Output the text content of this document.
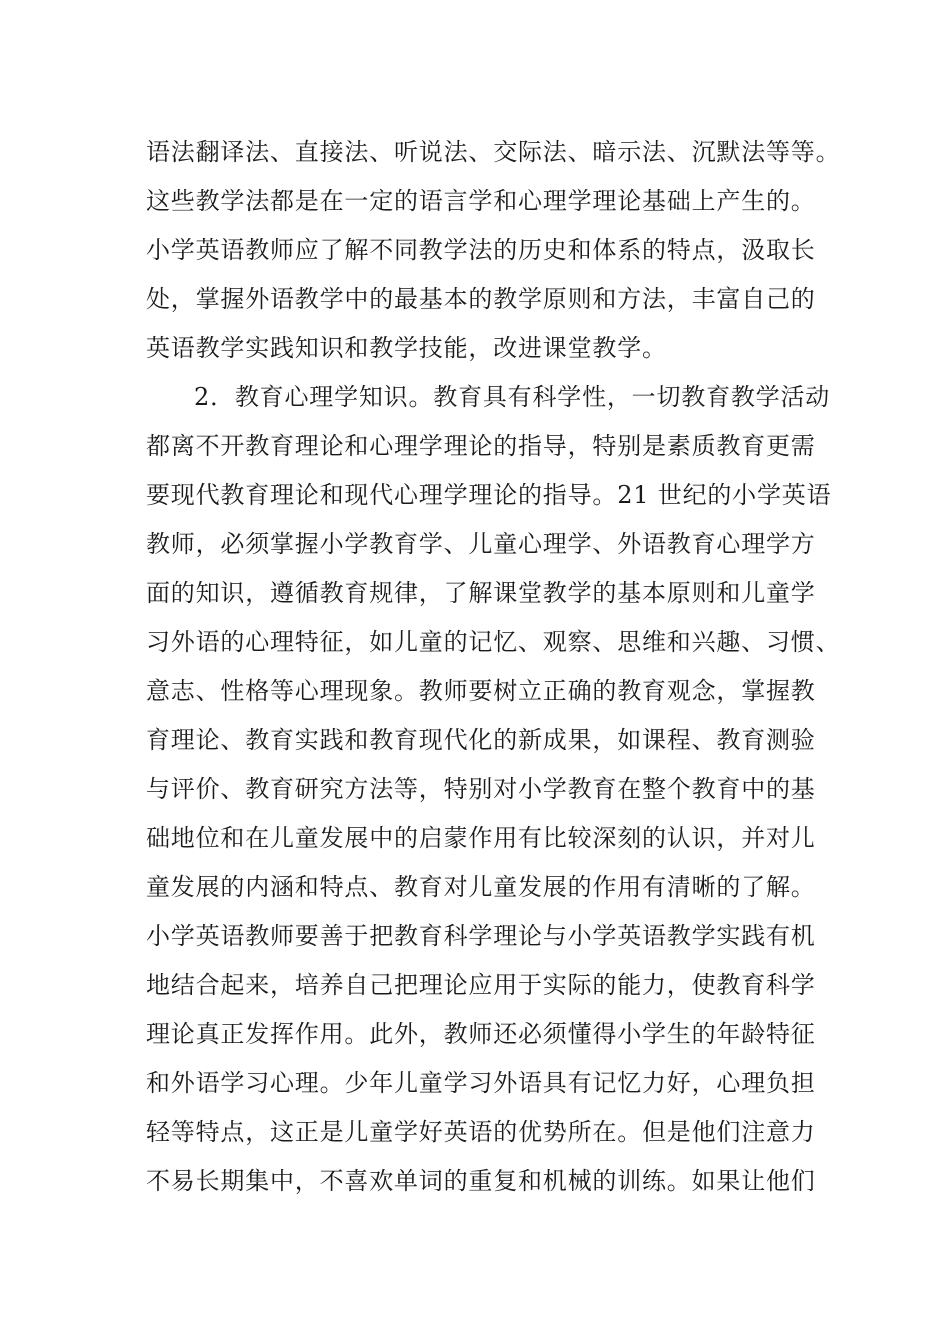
语法翻译法、直接法、听说法、交际法、暗示法、沉默法等等。
这些教学法都是在一定的语言学和心理学理论基础上产生的。
小学英语教师应了解不同教学法的历史和体系的特点，汲取长
处，掌握外语教学中的最基本的教学原则和方法，丰富自己的
英语教学实践知识和教学技能，改进课堂教学。
2．教育心理学知识。教育具有科学性，一切教育教学活动
都离不开教育理论和心理学理论的指导，特别是素质教育更需
要现代教育理论和现代心理学理论的指导。21 世纪的小学英语
教师，必须掌握小学教育学、儿童心理学、外语教育心理学方
面的知识，遵循教育规律，了解课堂教学的基本原则和儿童学
习外语的心理特征，如儿童的记忆、观察、思维和兴趣、习惯、
意志、性格等心理现象。教师要树立正确的教育观念，掌握教
育理论、教育实践和教育现代化的新成果，如课程、教育测验
与评价、教育研究方法等，特别对小学教育在整个教育中的基
础地位和在儿童发展中的启蒙作用有比较深刻的认识，并对儿
童发展的内涵和特点、教育对儿童发展的作用有清晰的了解。
小学英语教师要善于把教育科学理论与小学英语教学实践有机
地结合起来，培养自己把理论应用于实际的能力，使教育科学
理论真正发挥作用。此外，教师还必须懂得小学生的年龄特征
和外语学习心理。少年儿童学习外语具有记忆力好，心理负担
轻等特点，这正是儿童学好英语的优势所在。但是他们注意力
不易长期集中，不喜欢单词的重复和机械的训练。如果让他们
